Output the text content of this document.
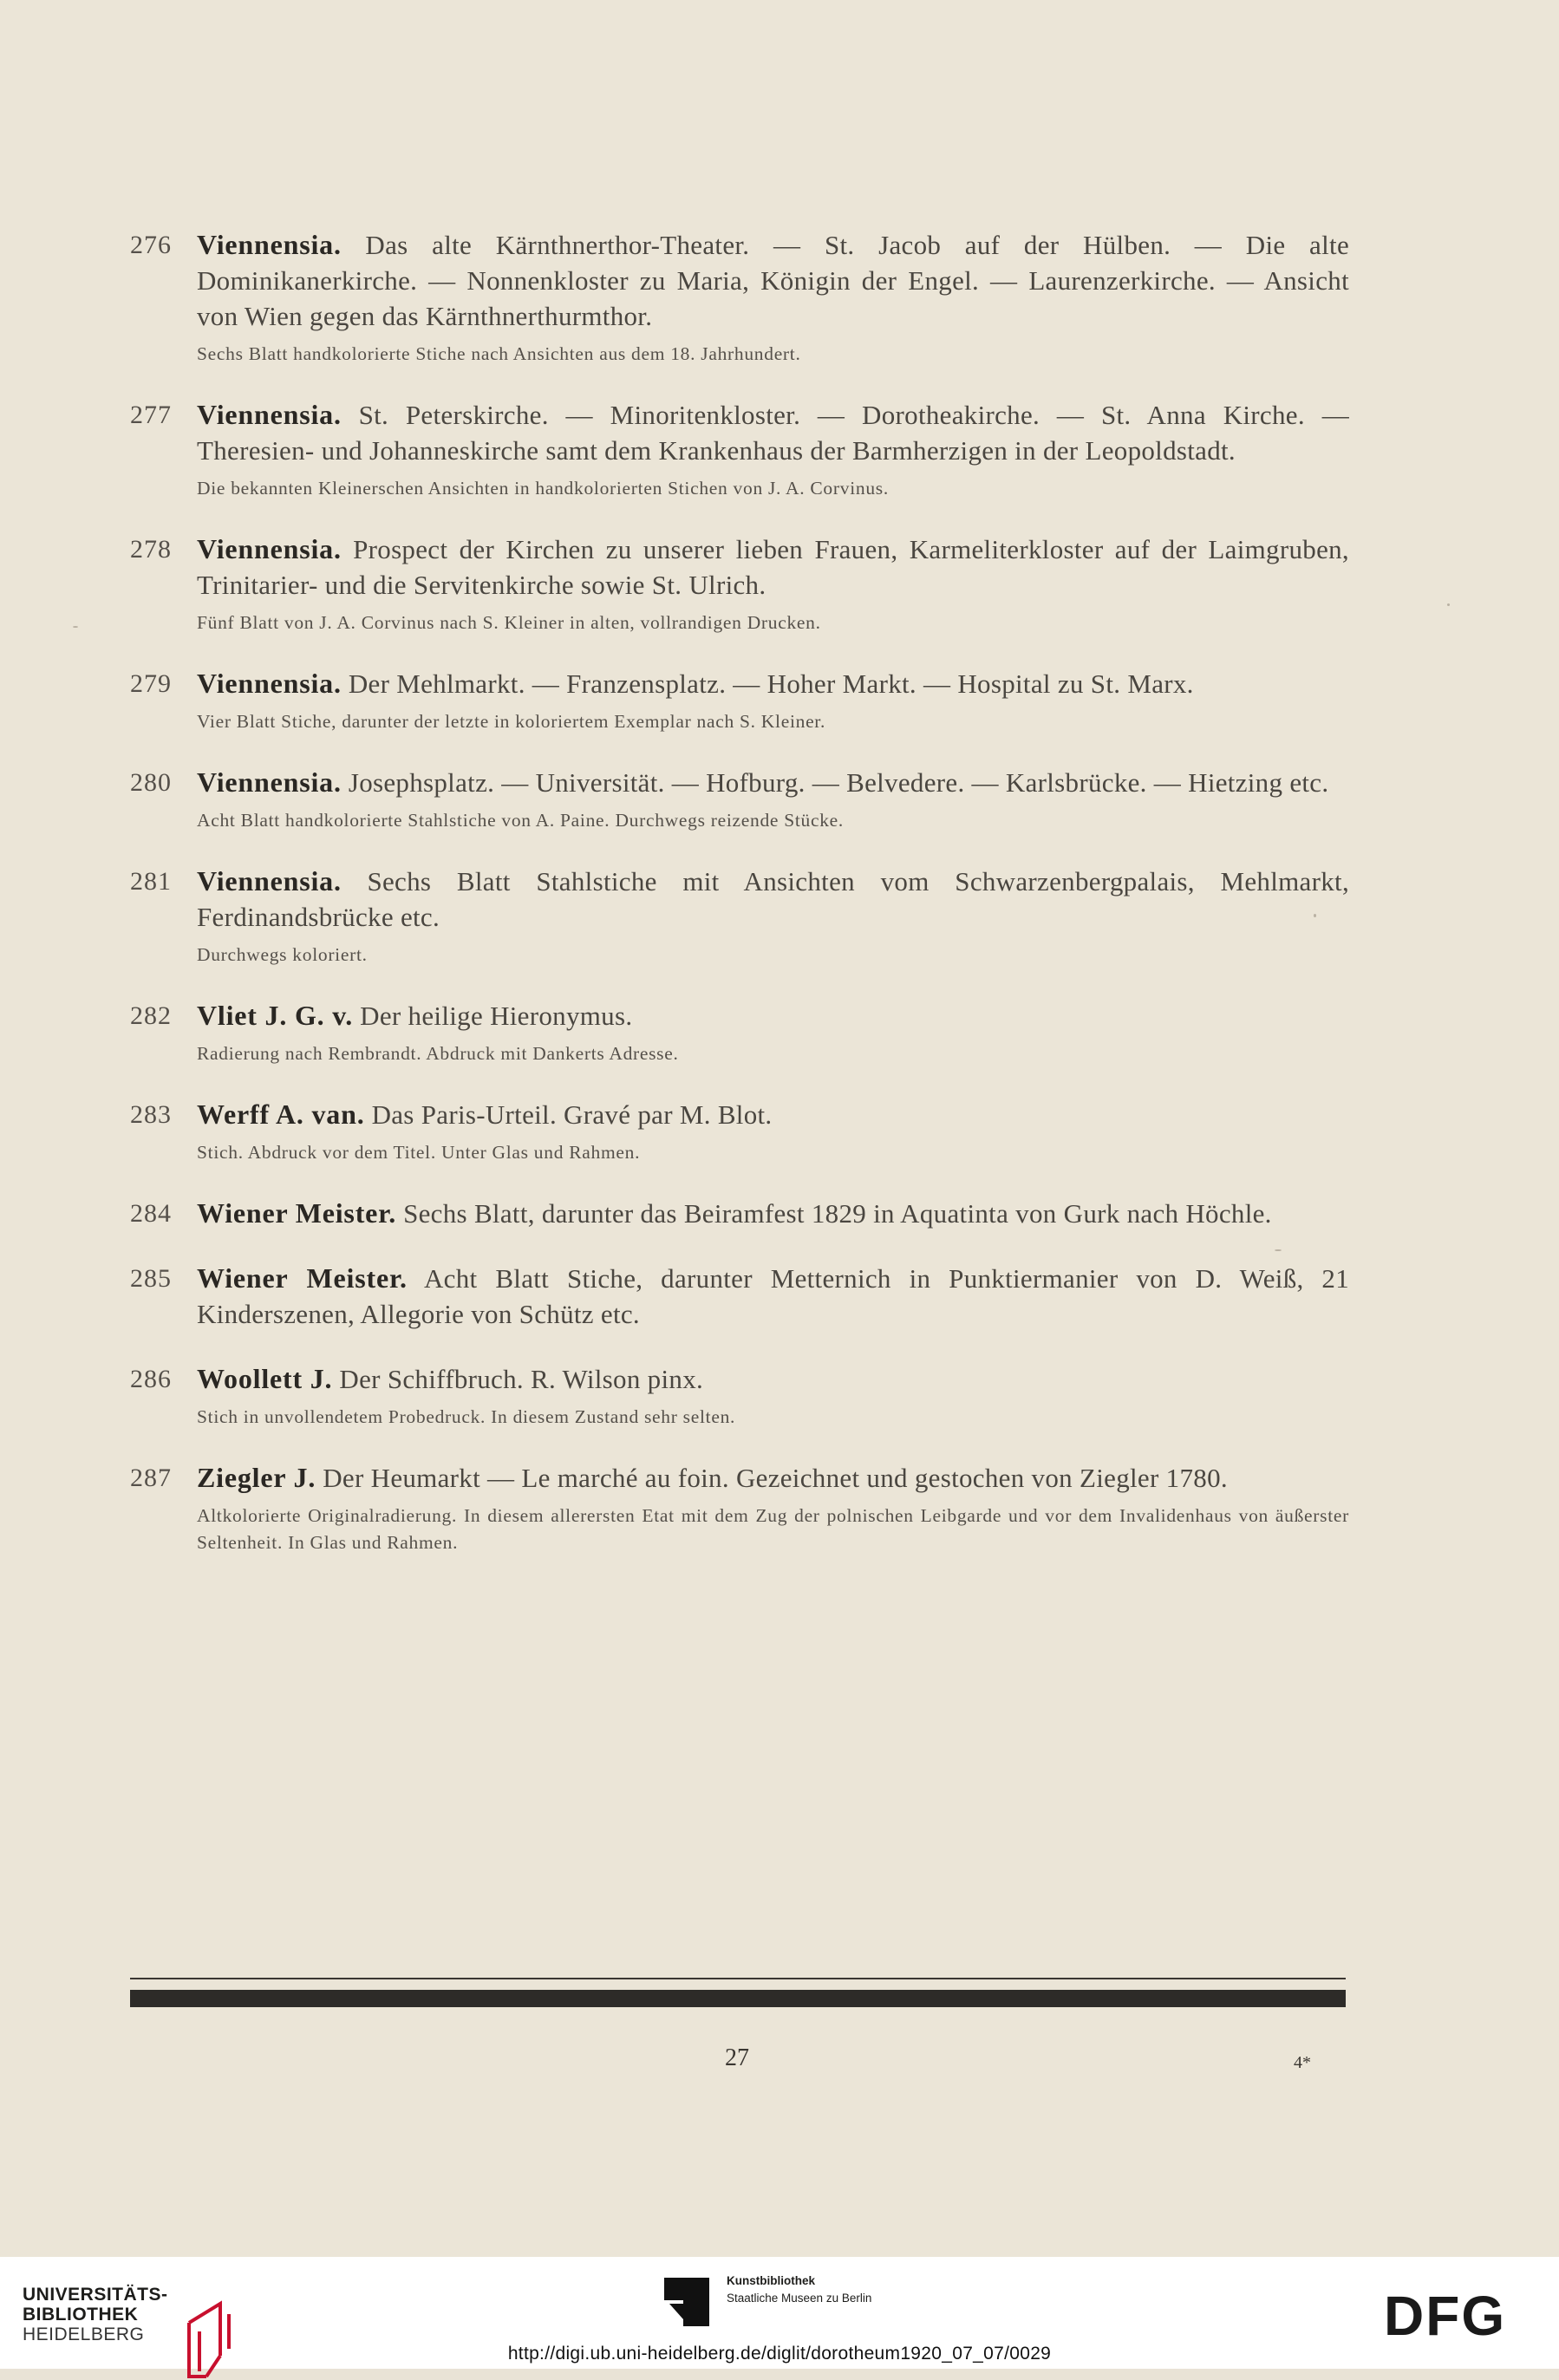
276 Viennensia. Das alte Kärnthnerthor-Theater. — St. Jacob auf der Hülben. — Die alte Dominikanerkirche. — Nonnenkloster zu Maria, Königin der Engel. — Laurenzerkirche. — Ansicht von Wien gegen das Kärnthnerthurmthor.
Sechs Blatt handkolorierte Stiche nach Ansichten aus dem 18. Jahrhundert.
277 Viennensia. St. Peterskirche. — Minoritenkloster. — Dorotheakirche. — St. Anna Kirche. — Theresien- und Johanneskirche samt dem Krankenhaus der Barmherzigen in der Leopoldstadt.
Die bekannten Kleinerschen Ansichten in handkolorierten Stichen von J. A. Corvinus.
278 Viennensia. Prospect der Kirchen zu unserer lieben Frauen, Karmeliterkloster auf der Laimgruben, Trinitarier- und die Servitenkirche sowie St. Ulrich.
Fünf Blatt von J. A. Corvinus nach S. Kleiner in alten, vollrandigen Drucken.
279 Viennensia. Der Mehlmarkt. — Franzensplatz. — Hoher Markt. — Hospital zu St. Marx.
Vier Blatt Stiche, darunter der letzte in koloriertem Exemplar nach S. Kleiner.
280 Viennensia. Josephsplatz. — Universität. — Hofburg. — Belvedere. — Karlsbrücke. — Hietzing etc.
Acht Blatt handkolorierte Stahlstiche von A. Paine. Durchwegs reizende Stücke.
281 Viennensia. Sechs Blatt Stahlstiche mit Ansichten vom Schwarzenbergpalais, Mehlmarkt, Ferdinandsbrücke etc.
Durchwegs koloriert.
282 Vliet J. G. v. Der heilige Hieronymus.
Radierung nach Rembrandt. Abdruck mit Dankerts Adresse.
283 Werff A. van. Das Paris-Urteil. Gravé par M. Blot.
Stich. Abdruck vor dem Titel. Unter Glas und Rahmen.
284 Wiener Meister. Sechs Blatt, darunter das Beiramfest 1829 in Aquatinta von Gurk nach Höchle.
285 Wiener Meister. Acht Blatt Stiche, darunter Metternich in Punktiermanier von D. Weiß, 21 Kinderszenen, Allegorie von Schütz etc.
286 Woollett J. Der Schiffbruch. R. Wilson pinx.
Stich in unvollendetem Probedruck. In diesem Zustand sehr selten.
287 Ziegler J. Der Heumarkt — Le marché au foin. Gezeichnet und gestochen von Ziegler 1780.
Altkolorierte Originalradierung. In diesem allerersten Etat mit dem Zug der polnischen Leibgarde und vor dem Invalidenhaus von äußerster Seltenheit. In Glas und Rahmen.
27	4*
UNIVERSITÄTS-
BIBLIOTHEK
HEIDELBERG
Kunstbibliothek
Staatliche Museen zu Berlin	DFG
http://digi.ub.uni-heidelberg.de/diglit/dorotheum1920_07_07/0029
